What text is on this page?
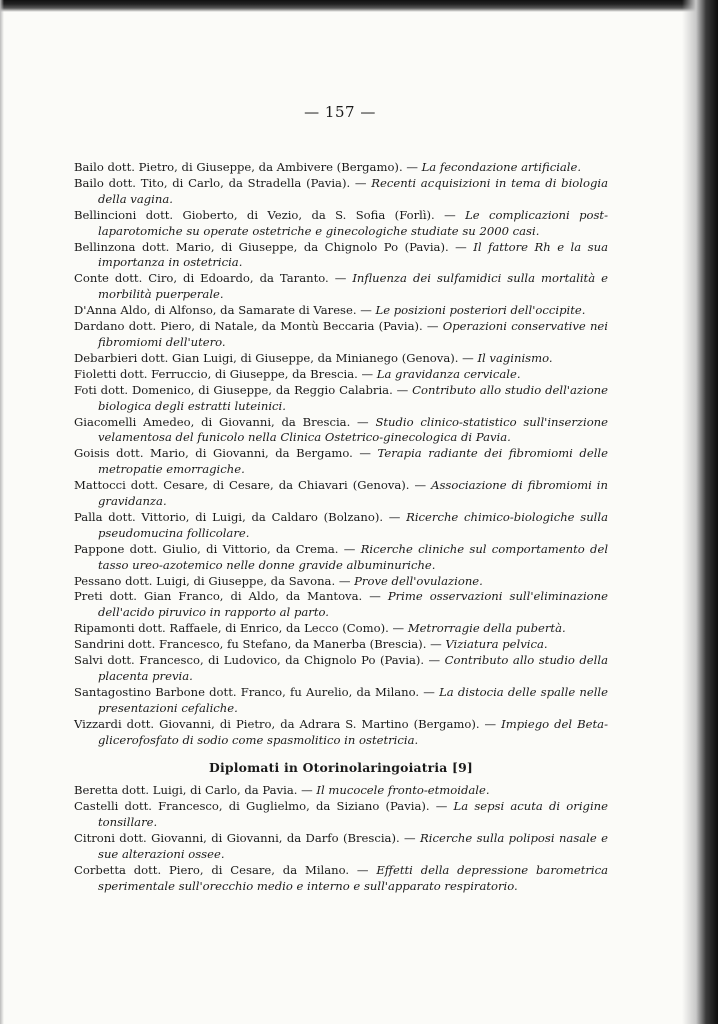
— 157 —
Bailo dott. Pietro, di Giuseppe, da Ambivere (Bergamo). — La fecondazione artificiale.
Bailo dott. Tito, di Carlo, da Stradella (Pavia). — Recenti acquisizioni in tema di biologia della vagina.
Bellincioni dott. Gioberto, di Vezio, da S. Sofia (Forlì). — Le complicazioni post-laparotomiche su operate ostetriche e ginecologiche studiate su 2000 casi.
Bellinzona dott. Mario, di Giuseppe, da Chignolo Po (Pavia). — Il fattore Rh e la sua importanza in ostetricia.
Conte dott. Ciro, di Edoardo, da Taranto. — Influenza dei sulfamidici sulla mortalità e morbilità puerperale.
D'Anna Aldo, di Alfonso, da Samarate di Varese. — Le posizioni posteriori dell'occipite.
Dardano dott. Piero, di Natale, da Montù Beccaria (Pavia). — Operazioni conservative nei fibromiomi dell'utero.
Debarbieri dott. Gian Luigi, di Giuseppe, da Minianego (Genova). — Il vaginismo.
Fioletti dott. Ferruccio, di Giuseppe, da Brescia. — La gravidanza cervicale.
Foti dott. Domenico, di Giuseppe, da Reggio Calabria. — Contributo allo studio dell'azione biologica degli estratti luteinici.
Giacomelli Amedeo, di Giovanni, da Brescia. — Studio clinico-statistico sull'inserzione velamentosa del funicolo nella Clinica Ostetrico-ginecologica di Pavia.
Goisis dott. Mario, di Giovanni, da Bergamo. — Terapia radiante dei fibromiomi delle metropatie emorragiche.
Mattocci dott. Cesare, di Cesare, da Chiavari (Genova). — Associazione di fibromiomi in gravidanza.
Palla dott. Vittorio, di Luigi, da Caldaro (Bolzano). — Ricerche chimico-biologiche sulla pseudomucina follicolare.
Pappone dott. Giulio, di Vittorio, da Crema. — Ricerche cliniche sul comportamento del tasso ureo-azotemico nelle donne gravide albuminuriche.
Pessano dott. Luigi, di Giuseppe, da Savona. — Prove dell'ovulazione.
Preti dott. Gian Franco, di Aldo, da Mantova. — Prime osservazioni sull'eliminazione dell'acido piruvico in rapporto al parto.
Ripamonti dott. Raffaele, di Enrico, da Lecco (Como). — Metrorragie della pubertà.
Sandrini dott. Francesco, fu Stefano, da Manerba (Brescia). — Viziatura pelvica.
Salvi dott. Francesco, di Ludovico, da Chignolo Po (Pavia). — Contributo allo studio della placenta previa.
Santagostino Barbone dott. Franco, fu Aurelio, da Milano. — La distocia delle spalle nelle presentazioni cefaliche.
Vizzardi dott. Giovanni, di Pietro, da Adrara S. Martino (Bergamo). — Impiego del Beta-glicerofosfato di sodio come spasmolitico in ostetricia.
Diplomati in Otorinolaringoiatria [9]
Beretta dott. Luigi, di Carlo, da Pavia. — Il mucocele fronto-etmoidale.
Castelli dott. Francesco, di Guglielmo, da Siziano (Pavia). — La sepsi acuta di origine tonsillare.
Citroni dott. Giovanni, di Giovanni, da Darfo (Brescia). — Ricerche sulla poliposi nasale e sue alterazioni ossee.
Corbetta dott. Piero, di Cesare, da Milano. — Effetti della depressione barometrica sperimentale sull'orecchio medio e interno e sull'apparato respiratorio.
